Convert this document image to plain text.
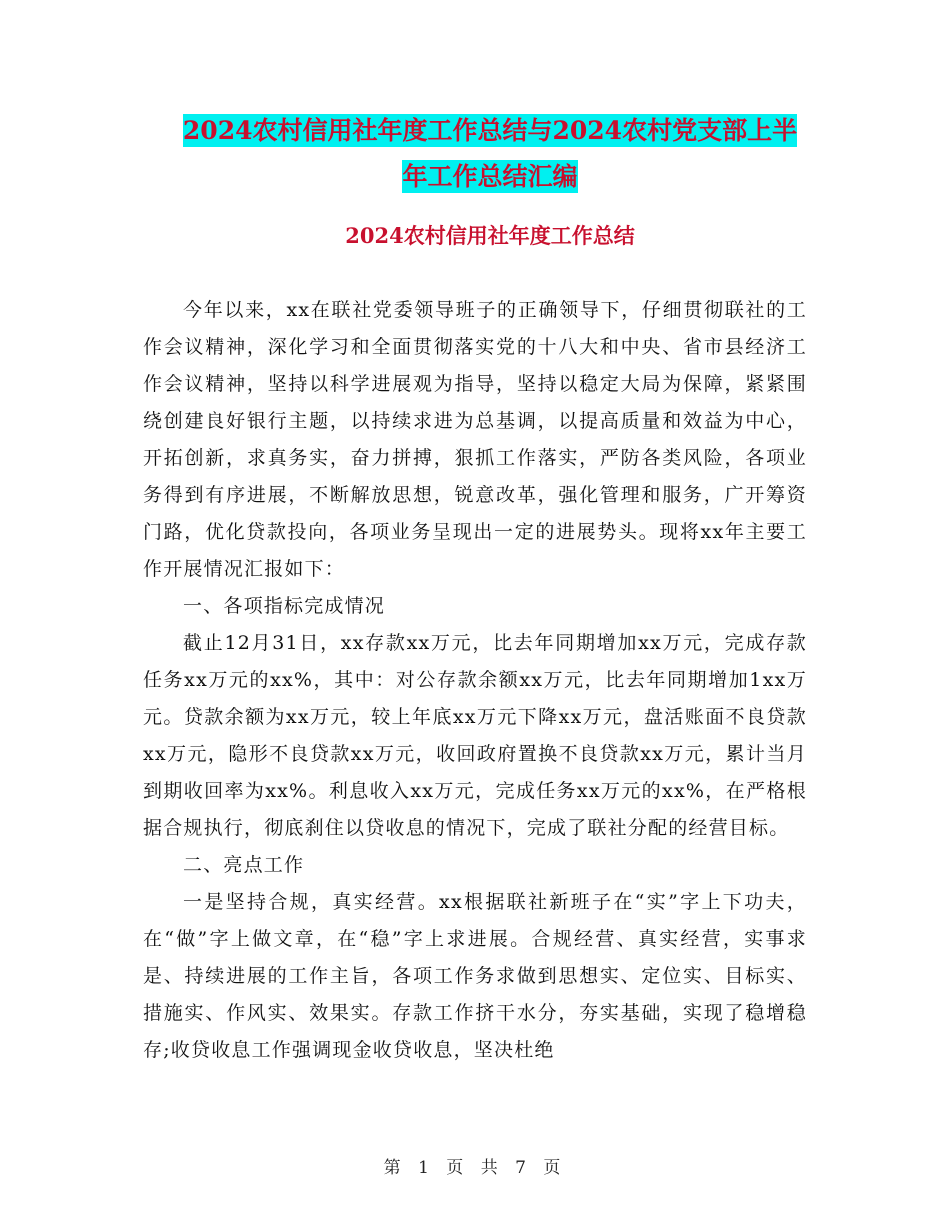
2024农村信用社年度工作总结与2024农村党支部上半
年工作总结汇编
2024农村信用社年度工作总结

今年以来，xx在联社党委领导班子的正确领导下，仔细贯彻联社的工作会议精神，深化学习和全面贯彻落实党的十八大和中央、省市县经济工作会议精神，坚持以科学进展观为指导，坚持以稳定大局为保障，紧紧围绕创建良好银行主题，以持续求进为总基调，以提高质量和效益为中心，开拓创新，求真务实，奋力拼搏，狠抓工作落实，严防各类风险，各项业务得到有序进展，不断解放思想，锐意改革，强化管理和服务，广开筹资门路，优化贷款投向，各项业务呈现出一定的进展势头。现将xx年主要工作开展情况汇报如下：

一、各项指标完成情况

截止12月31日，xx存款xx万元，比去年同期增加xx万元，完成存款任务xx万元的xx%，其中：对公存款余额xx万元，比去年同期增加1xx万元。贷款余额为xx万元，较上年底xx万元下降xx万元，盘活账面不良贷款xx万元，隐形不良贷款xx万元，收回政府置换不良贷款xx万元，累计当月到期收回率为xx%。利息收入xx万元，完成任务xx万元的xx%，在严格根据合规执行，彻底刹住以贷收息的情况下，完成了联社分配的经营目标。

二、亮点工作

一是坚持合规，真实经营。xx根据联社新班子在“实”字上下功夫，在“做”字上做文章，在“稳”字上求进展。合规经营、真实经营，实事求是、持续进展的工作主旨，各项工作务求做到思想实、定位实、目标实、措施实、作风实、效果实。存款工作挤干水分，夯实基础，实现了稳增稳存;收贷收息工作强调现金收贷收息，坚决杜绝

第 1 页 共 7 页
